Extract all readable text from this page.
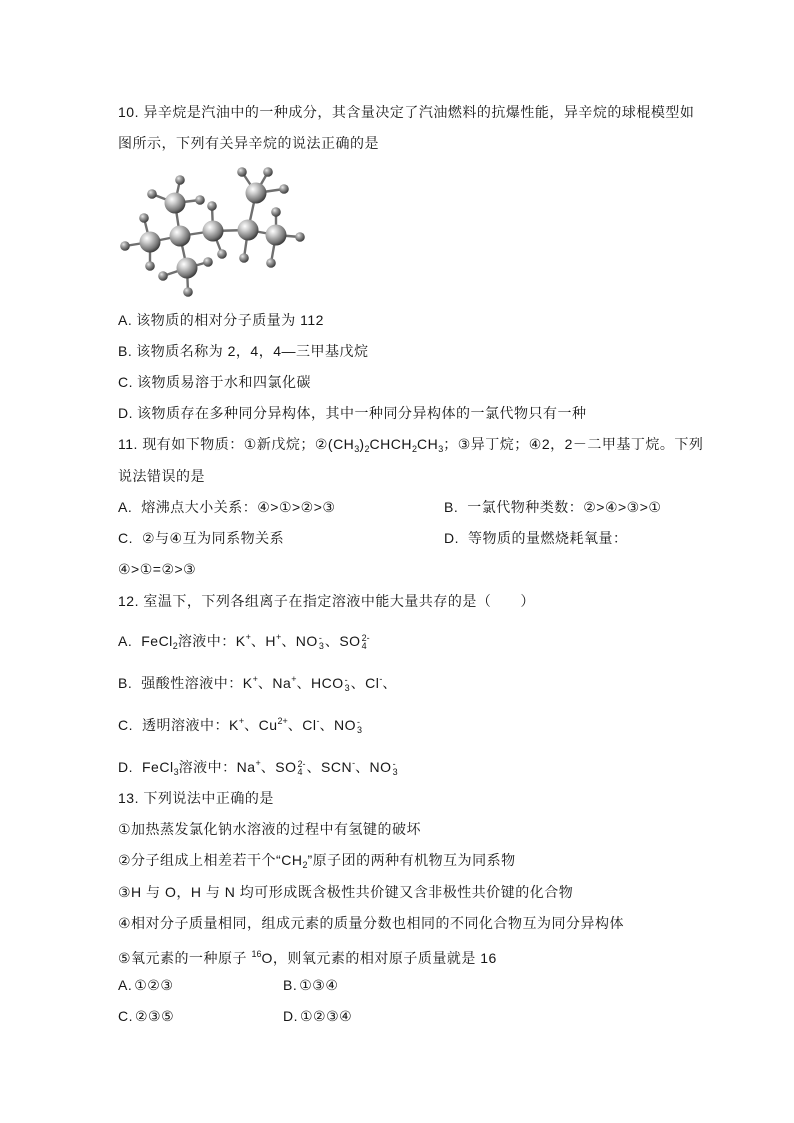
10. 异辛烷是汽油中的一种成分，其含量决定了汽油燃料的抗爆性能，异辛烷的球棍模型如
图所示，下列有关异辛烷的说法正确的是
A. 该物质的相对分子质量为 112
B. 该物质名称为 2，4，4—三甲基戊烷
C. 该物质易溶于水和四氯化碳
D. 该物质存在多种同分异构体，其中一种同分异构体的一氯代物只有一种
11. 现有如下物质：①新戊烷；②(CH 3 ) 2 CHCH 2 CH 3 ；③异丁烷；④2，2－二甲基丁烷。下列
说法错误的是
A. 熔沸点大小关系：④>①>②>③	B. 一氯代物种类数：②>④>③>①
C. ②与④互为同系物关系	D. 等物质的量燃烧耗氧量：
④>①=②>③
12. 室温下，下列各组离子在指定溶液中能大量共存的是（　　）
A. FeCl 2 溶液中：K + 、H + 、NO -
3 、SO 2-
4
B. 强酸性溶液中：K + 、Na + 、HCO -
3 、Cl - 、
C. 透明溶液中：K + 、Cu $^{2+}$ 、Cl - 、NO -
3
D. FeCl 3 溶液中：Na + 、SO 2-
4 、SCN - 、NO -
3
13. 下列说法中正确的是
①加热蒸发氯化钠水溶液的过程中有氢键的破坏
②分子组成上相差若干个“CH 2 ”原子团的两种有机物互为同系物
③H 与 O，H 与 N 均可形成既含极性共价键又含非极性共价键的化合物
④相对分子质量相同，组成元素的质量分数也相同的不同化合物互为同分异构体
⑤氧元素的一种原子 $^{16}$ O，则氧元素的相对原子质量就是 16
A. ①②③	B. ①③④
C. ②③⑤	D. ①②③④
